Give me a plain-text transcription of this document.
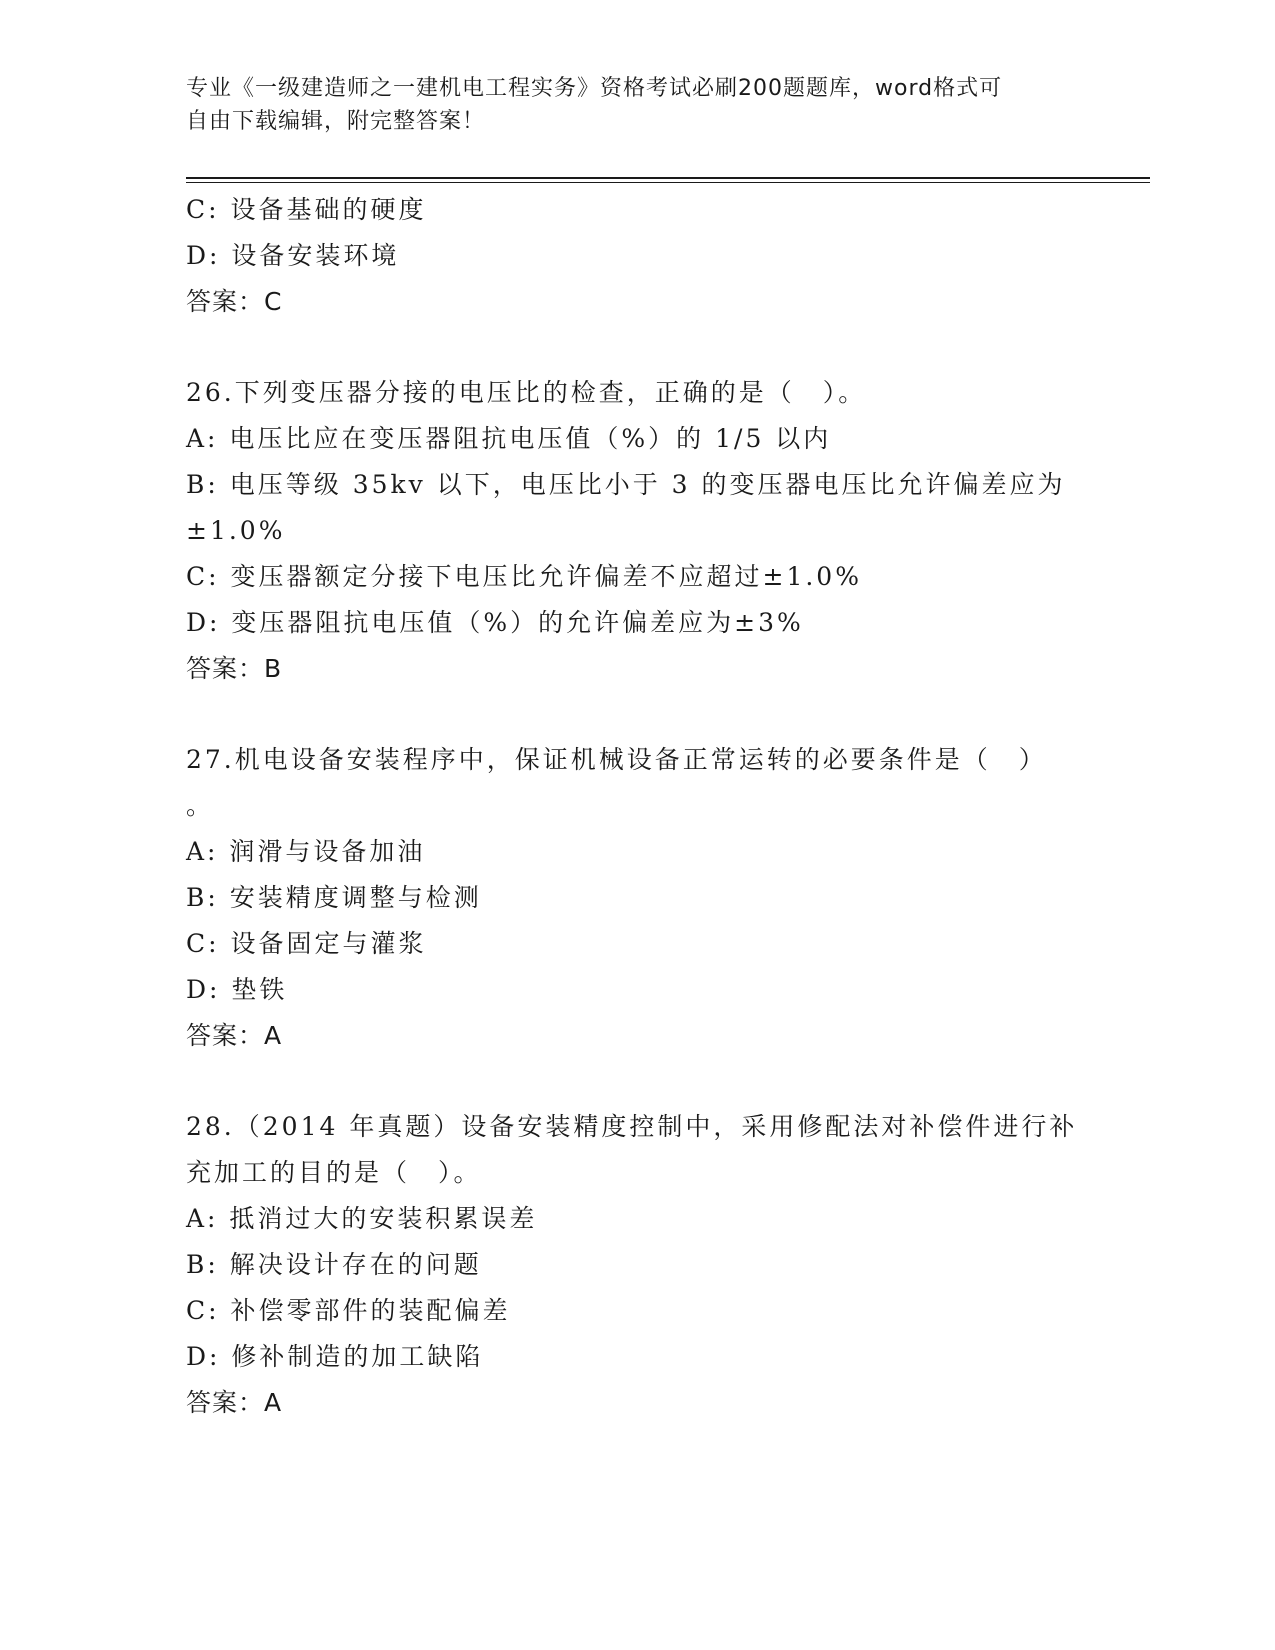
专业《一级建造师之一建机电工程实务》资格考试必刷200题题库，word格式可
自由下载编辑，附完整答案！
C: 设备基础的硬度
D: 设备安装环境
答案：C
26.下列变压器分接的电压比的检查，正确的是（　）。
A: 电压比应在变压器阻抗电压值（%）的 1/5 以内
B: 电压等级 35kv 以下，电压比小于 3 的变压器电压比允许偏差应为
±1.0%
C: 变压器额定分接下电压比允许偏差不应超过±1.0%
D: 变压器阻抗电压值（%）的允许偏差应为±3%
答案：B
27.机电设备安装程序中，保证机械设备正常运转的必要条件是（　）
。
A: 润滑与设备加油
B: 安装精度调整与检测
C: 设备固定与灌浆
D: 垫铁
答案：A
28.（2014 年真题）设备安装精度控制中，采用修配法对补偿件进行补
充加工的目的是（　）。
A: 抵消过大的安装积累误差
B: 解决设计存在的问题
C: 补偿零部件的装配偏差
D: 修补制造的加工缺陷
答案：A
